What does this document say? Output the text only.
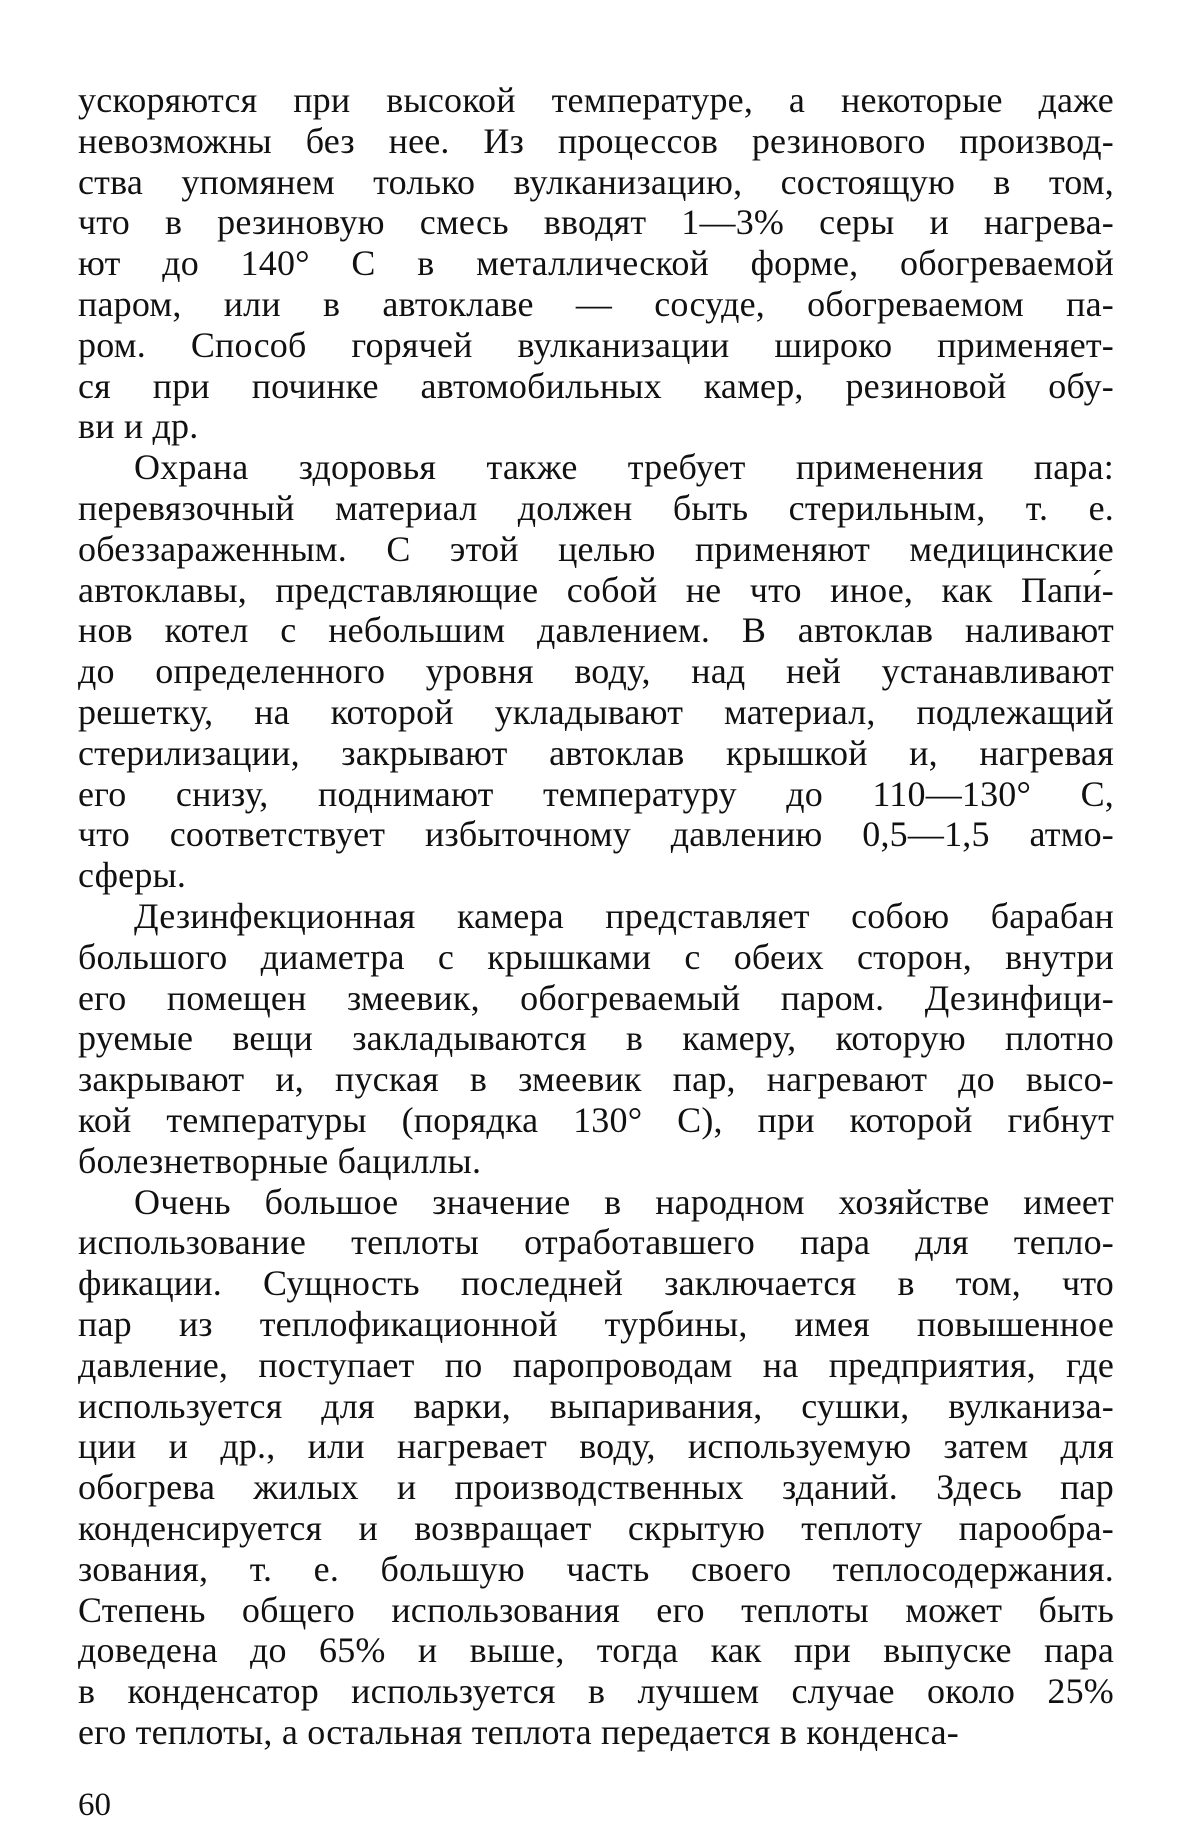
ускоряются при высокой температуре, а некоторые даже
невозможны без нее. Из процессов резинового производ-
ства упомянем только вулканизацию, состоящую в том,
что в резиновую смесь вводят 1—3% серы и нагрева-
ют до 140° С в металлической форме, обогреваемой
паром, или в автоклаве — сосуде, обогреваемом па-
ром. Способ горячей вулканизации широко применяет-
ся при починке автомобильных камер, резиновой обу-
ви и др.
Охрана здоровья также требует применения пара:
перевязочный материал должен быть стерильным, т. е.
обеззараженным. С этой целью применяют медицинские
автоклавы, представляющие собой не что иное, как Папи́-
нов котел с небольшим давлением. В автоклав наливают
до определенного уровня воду, над ней устанавливают
решетку, на которой укладывают материал, подлежащий
стерилизации, закрывают автоклав крышкой и, нагревая
его снизу, поднимают температуру до 110—130° С,
что соответствует избыточному давлению 0,5—1,5 атмо-
сферы.
Дезинфекционная камера представляет собою барабан
большого диаметра с крышками с обеих сторон, внутри
его помещен змеевик, обогреваемый паром. Дезинфици-
руемые вещи закладываются в камеру, которую плотно
закрывают и, пуская в змеевик пар, нагревают до высо-
кой температуры (порядка 130° С), при которой гибнут
болезнетворные бациллы.
Очень большое значение в народном хозяйстве имеет
использование теплоты отработавшего пара для тепло-
фикации. Сущность последней заключается в том, что
пар из теплофикационной турбины, имея повышенное
давление, поступает по паропроводам на предприятия, где
используется для варки, выпаривания, сушки, вулканиза-
ции и др., или нагревает воду, используемую затем для
обогрева жилых и производственных зданий. Здесь пар
конденсируется и возвращает скрытую теплоту парообра-
зования, т. е. большую часть своего теплосодержания.
Степень общего использования его теплоты может быть
доведена до 65% и выше, тогда как при выпуске пара
в конденсатор используется в лучшем случае около 25%
его теплоты, а остальная теплота передается в конденса-
60
